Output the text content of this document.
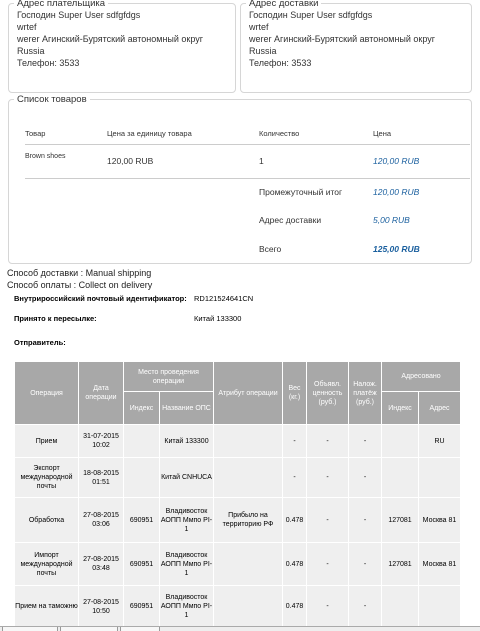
Адрес плательщика
Господин Super User sdfgfdgs
wrtef
werer Агинский-Бурятский автономный округ
Russia
Телефон: 3533
Адрес доставки
Господин Super User sdfgfdgs
wrtef
werer Агинский-Бурятский автономный округ
Russia
Телефон: 3533
Список товаров
Товар	Цена за единицу товара	Количество	Цена
Brown shoes	120,00 RUB	1	120,00 RUB
Промежуточный итог	120,00 RUB
Адрес доставки	5,00 RUB
Всего	125,00 RUB
Способ доставки : Manual shipping
Способ оплаты : Collect on delivery
Внутрироссийский почтовый идентификатор: RD121524641CN
Принято к пересылке:	Китай 133300
Отправитель:
Операция	Дата операции	Место проведения операции		Атрибут операции	Вес (кг.)	Объявл. ценность (руб.)	Налож. платёж (руб.)	Адресовано	
		Индекс	Название ОПС					Индекс	Адрес
Прием	31-07-2015 10:02		Китай 133300		-	-	-		RU
Экспорт международной почты	18-08-2015 01:51		Китай CNHUCA		-	-	-		
Обработка	27-08-2015 03:06	690951	Владивосток АОПП Ммпо PI-1	Прибыло на территорию РФ	0.478	-	-	127081	Москва 81
Импорт международной почты	27-08-2015 03:48	690951	Владивосток АОПП Ммпо PI-1		0.478	-	-	127081	Москва 81
Прием на таможню	27-08-2015 10:50	690951	Владивосток АОПП Ммпо PI-1		0.478	-	-		
